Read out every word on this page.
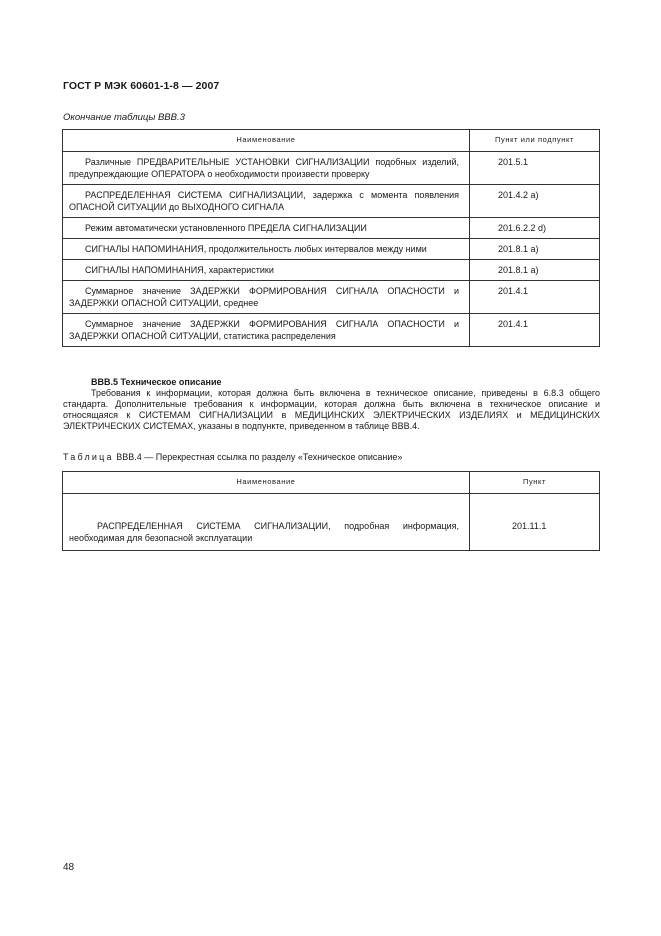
ГОСТ Р МЭК 60601-1-8 — 2007
Окончание таблицы ВВВ.3
Наименование	Пункт или подпункт

Различные ПРЕДВАРИТЕЛЬНЫЕ УСТАНОВКИ СИГНАЛИЗАЦИИ подобных изделий, предупреждающие ОПЕРАТОРА о необходимости произвести проверку	201.5.1

РАСПРЕДЕЛЕННАЯ СИСТЕМА СИГНАЛИЗАЦИИ, задержка с момента появления ОПАСНОЙ СИТУАЦИИ до ВЫХОДНОГО СИГНАЛА	201.4.2 а)

Режим автоматически установленного ПРЕДЕЛА СИГНАЛИЗАЦИИ	201.6.2.2 d)

СИГНАЛЫ НАПОМИНАНИЯ, продолжительность любых интервалов между ними	201.8.1 а)

СИГНАЛЫ НАПОМИНАНИЯ, характеристики	201.8.1 а)

Суммарное значение ЗАДЕРЖКИ ФОРМИРОВАНИЯ СИГНАЛА ОПАСНОСТИ и ЗАДЕРЖКИ ОПАСНОЙ СИТУАЦИИ, среднее	201.4.1

Суммарное значение ЗАДЕРЖКИ ФОРМИРОВАНИЯ СИГНАЛА ОПАСНОСТИ и ЗАДЕРЖКИ ОПАСНОЙ СИТУАЦИИ, статистика распределения	201.4.1
ВВВ.5 Техническое описание
Требования к информации, которая должна быть включена в техническое описание, приведены в 6.8.3 общего стандарта. Дополнительные требования к информации, которая должна быть включена в техническое описание и относящаяся к СИСТЕМАМ СИГНАЛИЗАЦИИ в МЕДИЦИНСКИХ ЭЛЕКТРИЧЕСКИХ ИЗДЕЛИЯХ и МЕДИЦИНСКИХ ЭЛЕКТРИЧЕСКИХ СИСТЕМАХ, указаны в подпункте, приведенном в таблице ВВВ.4.
Таблица ВВВ.4 — Перекрестная ссылка по разделу «Техническое описание»
Наименование	Пункт

РАСПРЕДЕЛЕННАЯ СИСТЕМА СИГНАЛИЗАЦИИ, подробная информация, необходимая для безопасной эксплуатации	201.11.1
48
